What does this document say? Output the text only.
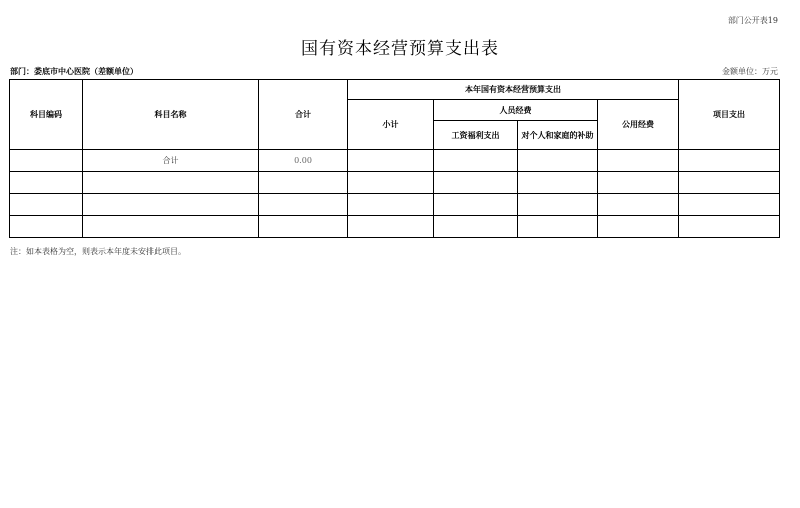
部门公开表19
国有资本经营预算支出表
部门：娄底市中心医院（差额单位）	金额单位：万元
科目编码	科目名称	合计	本年国有资本经营预算支出				项目支出
			小计	人员经费		公用经费	
				工资福利支出	对个人和家庭的补助		
	合计	0.00					

注：如本表格为空，则表示本年度未安排此项目。
